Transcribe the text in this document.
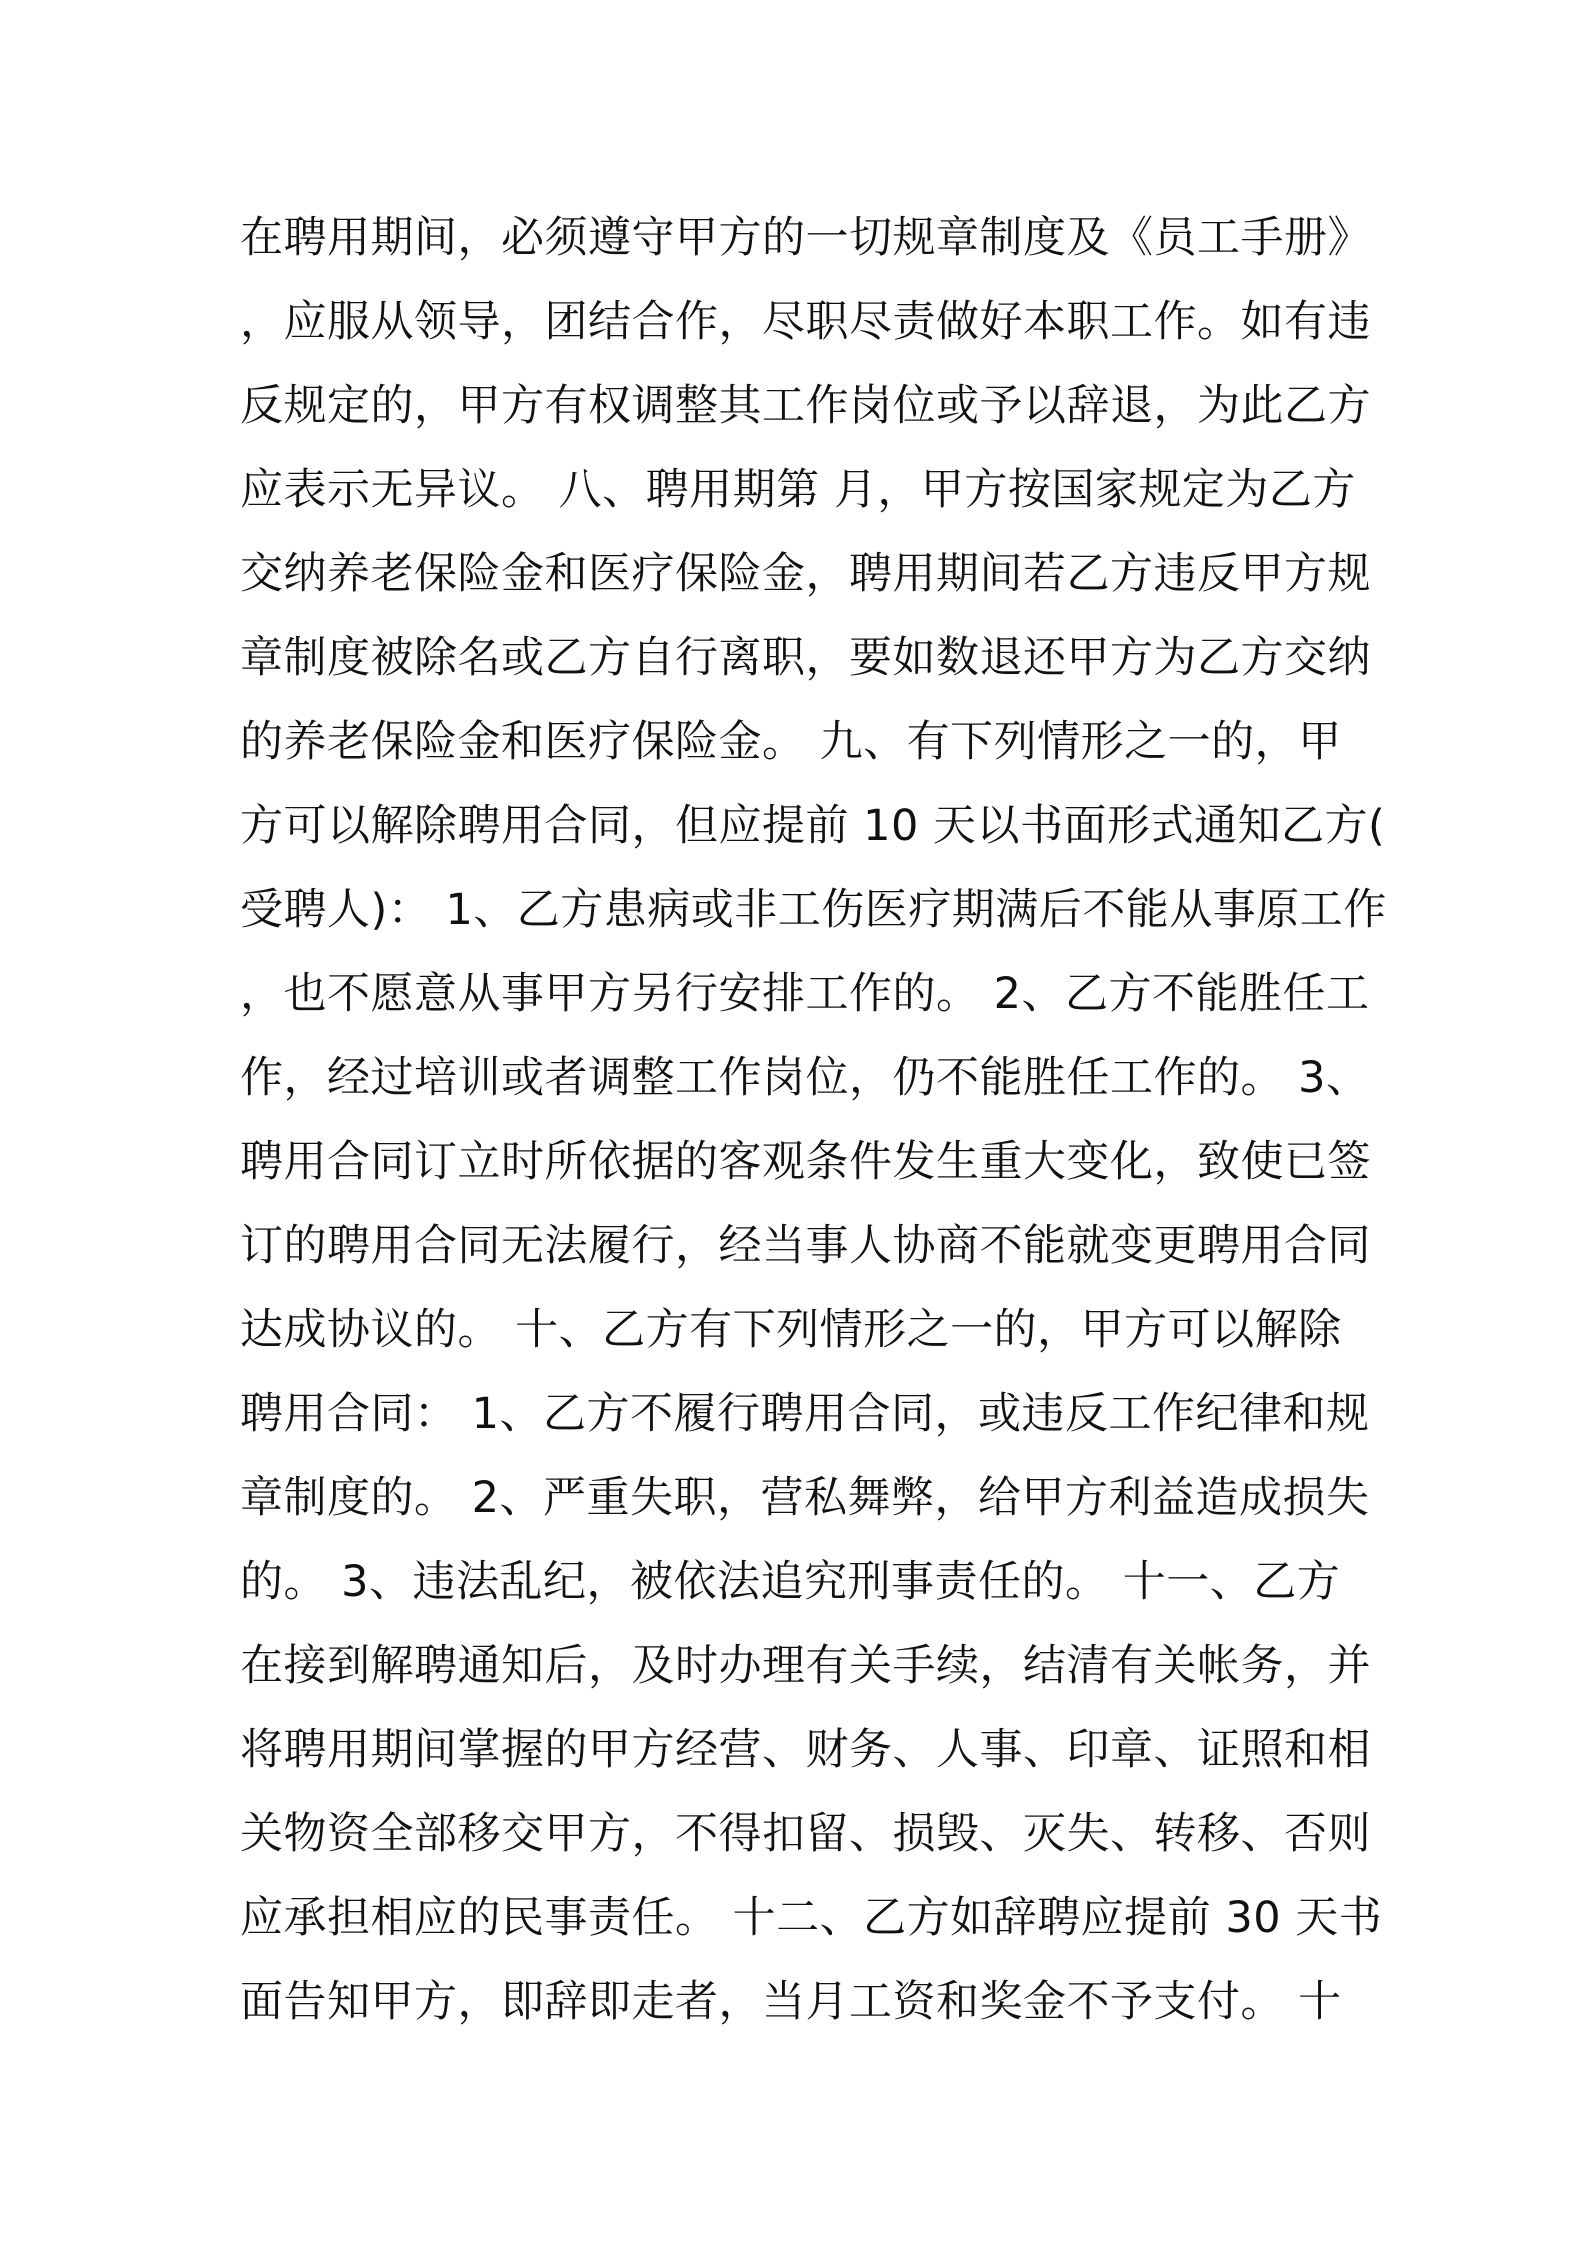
在聘用期间，必须遵守甲方的一切规章制度及《员工手册》
，应服从领导，团结合作，尽职尽责做好本职工作。如有违
反规定的，甲方有权调整其工作岗位或予以辞退，为此乙方
应表示无异议。 八、聘用期第 月，甲方按国家规定为乙方
交纳养老保险金和医疗保险金，聘用期间若乙方违反甲方规
章制度被除名或乙方自行离职，要如数退还甲方为乙方交纳
的养老保险金和医疗保险金。 九、有下列情形之一的，甲
方可以解除聘用合同，但应提前 10 天以书面形式通知乙方(
受聘人)： 1、乙方患病或非工伤医疗期满后不能从事原工作
，也不愿意从事甲方另行安排工作的。 2、乙方不能胜任工
作，经过培训或者调整工作岗位，仍不能胜任工作的。 3、
聘用合同订立时所依据的客观条件发生重大变化，致使已签
订的聘用合同无法履行，经当事人协商不能就变更聘用合同
达成协议的。 十、乙方有下列情形之一的，甲方可以解除
聘用合同： 1、乙方不履行聘用合同，或违反工作纪律和规
章制度的。 2、严重失职，营私舞弊，给甲方利益造成损失
的。 3、违法乱纪，被依法追究刑事责任的。 十一、乙方
在接到解聘通知后，及时办理有关手续，结清有关帐务，并
将聘用期间掌握的甲方经营、财务、人事、印章、证照和相
关物资全部移交甲方，不得扣留、损毁、灭失、转移、否则
应承担相应的民事责任。 十二、乙方如辞聘应提前 30 天书
面告知甲方，即辞即走者，当月工资和奖金不予支付。 十
